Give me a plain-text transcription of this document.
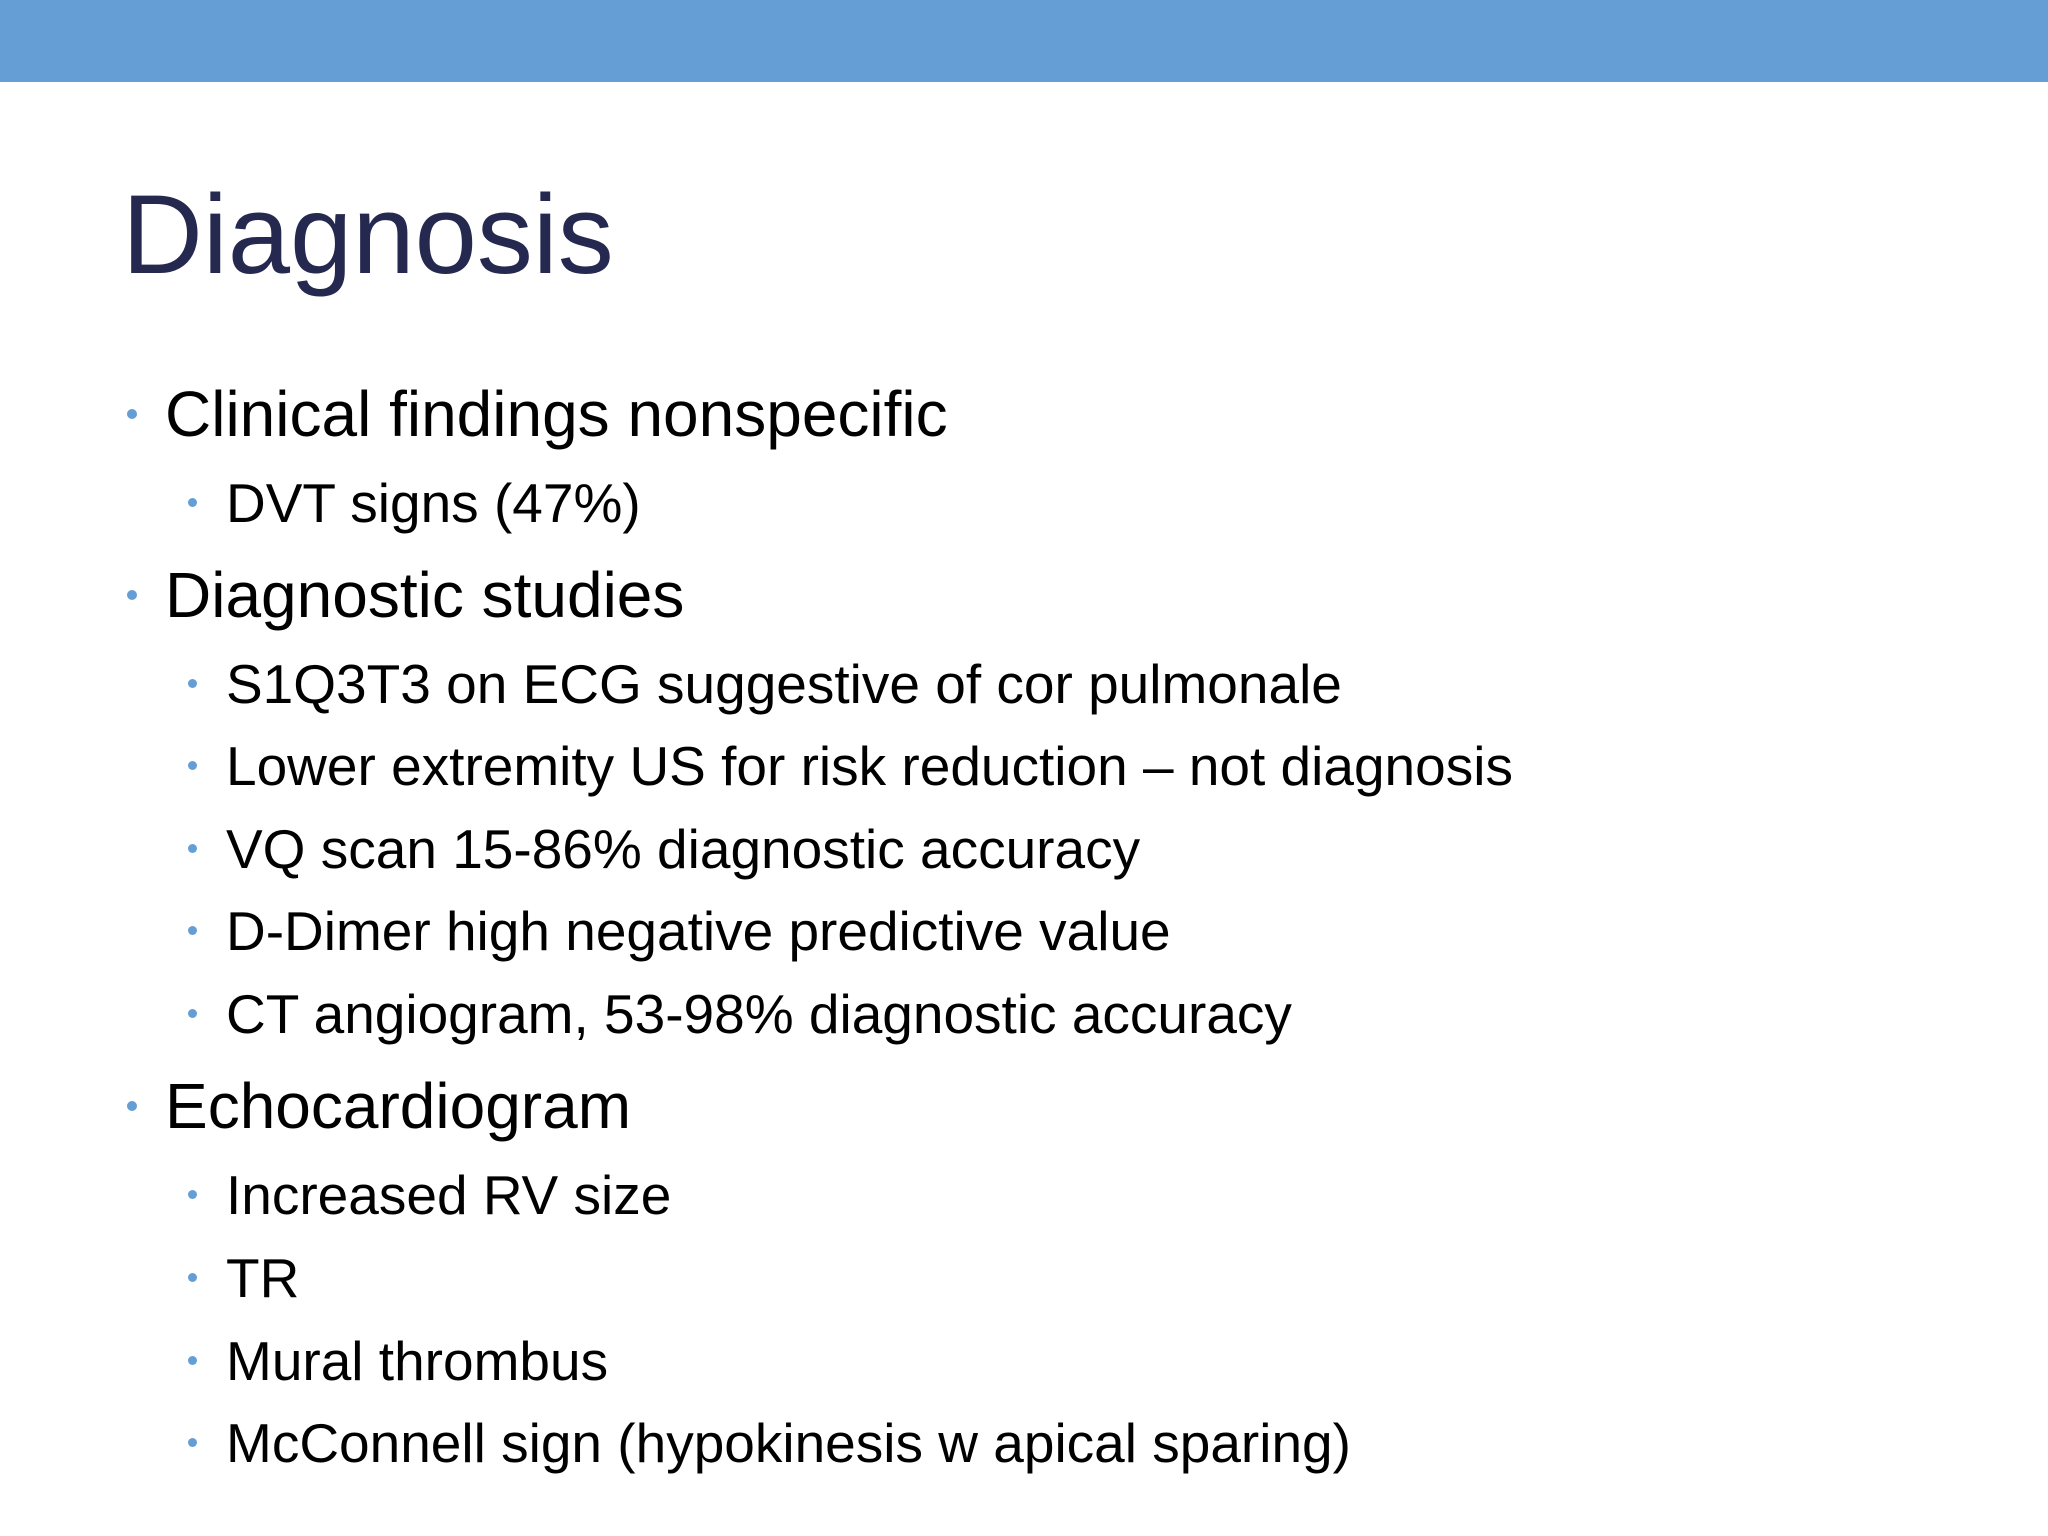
Diagnosis
Clinical findings nonspecific
DVT signs (47%)
Diagnostic studies
S1Q3T3 on ECG suggestive of cor pulmonale
Lower extremity US for risk reduction – not diagnosis
VQ scan 15-86% diagnostic accuracy
D-Dimer high negative predictive value
CT angiogram, 53-98% diagnostic accuracy
Echocardiogram
Increased RV size
TR
Mural thrombus
McConnell sign (hypokinesis w apical sparing)
